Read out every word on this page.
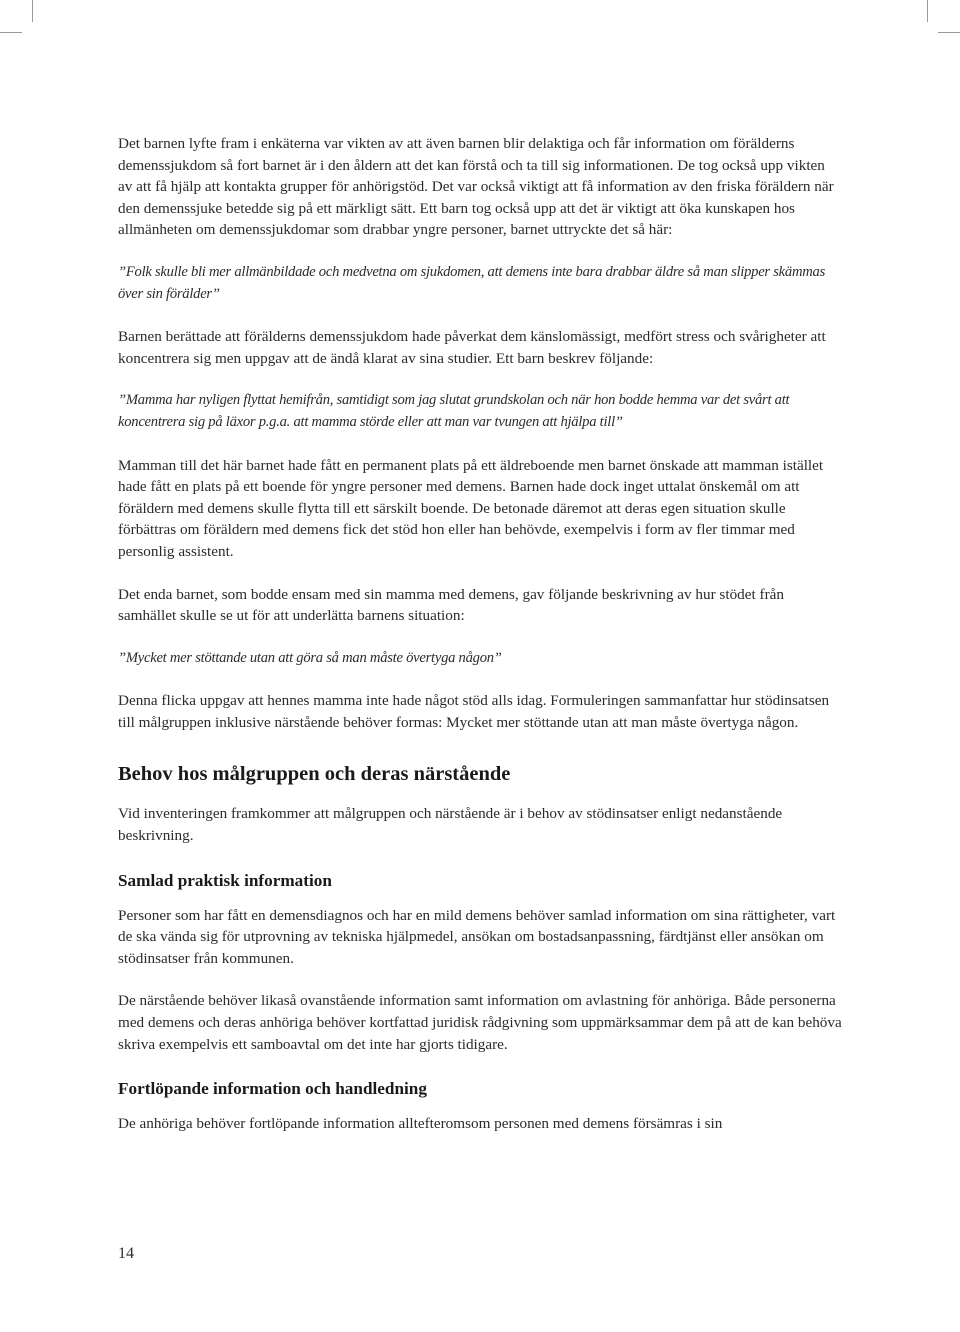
Det barnen lyfte fram i enkäterna var vikten av att även barnen blir delaktiga och får information om förälderns demenssjukdom så fort barnet är i den åldern att det kan förstå och ta till sig informationen. De tog också upp vikten av att få hjälp att kontakta grupper för anhörigstöd. Det var också viktigt att få information av den friska föräldern när den demenssjuke betedde sig på ett märkligt sätt. Ett barn tog också upp att det är viktigt att öka kunskapen hos allmänheten om demenssjukdomar som drabbar yngre personer, barnet uttryckte det så här:

”Folk skulle bli mer allmänbildade och medvetna om sjukdomen, att demens inte bara drabbar äldre så man slipper skämmas över sin förälder”

Barnen berättade att förälderns demenssjukdom hade påverkat dem känslomässigt, medfört stress och svårigheter att koncentrera sig men uppgav att de ändå klarat av sina studier. Ett barn beskrev följande:

”Mamma har nyligen flyttat hemifrån, samtidigt som jag slutat grundskolan och när hon bodde hemma var det svårt att koncentrera sig på läxor p.g.a. att mamma störde eller att man var tvungen att hjälpa till”

Mamman till det här barnet hade fått en permanent plats på ett äldreboende men barnet önskade att mamman istället hade fått en plats på ett boende för yngre personer med demens. Barnen hade dock inget uttalat önskemål om att föräldern med demens skulle flytta till ett särskilt boende. De betonade däremot att deras egen situation skulle förbättras om föräldern med demens fick det stöd hon eller han behövde, exempelvis i form av fler timmar med personlig assistent.

Det enda barnet, som bodde ensam med sin mamma med demens, gav följande beskrivning av hur stödet från samhället skulle se ut för att underlätta barnens situation:

”Mycket mer stöttande utan att göra så man måste övertyga någon”

Denna flicka uppgav att hennes mamma inte hade något stöd alls idag. Formuleringen sammanfattar hur stödinsatsen till målgruppen inklusive närstående behöver formas: Mycket mer stöttande utan att man måste övertyga någon.

Behov hos målgruppen och deras närstående

Vid inventeringen framkommer att målgruppen och närstående är i behov av stödinsatser enligt nedanstående beskrivning.

Samlad praktisk information

Personer som har fått en demensdiagnos och har en mild demens behöver samlad information om sina rättigheter, vart de ska vända sig för utprovning av tekniska hjälpmedel, ansökan om bostadsanpassning, färdtjänst eller ansökan om stödinsatser från kommunen.

De närstående behöver likaså ovanstående information samt information om avlastning för anhöriga. Både personerna med demens och deras anhöriga behöver kortfattad juridisk rådgivning som uppmärksammar dem på att de kan behöva skriva exempelvis ett samboavtal om det inte har gjorts tidigare.

Fortlöpande information och handledning

De anhöriga behöver fortlöpande information alltefteromsom personen med demens försämras i sin

14
